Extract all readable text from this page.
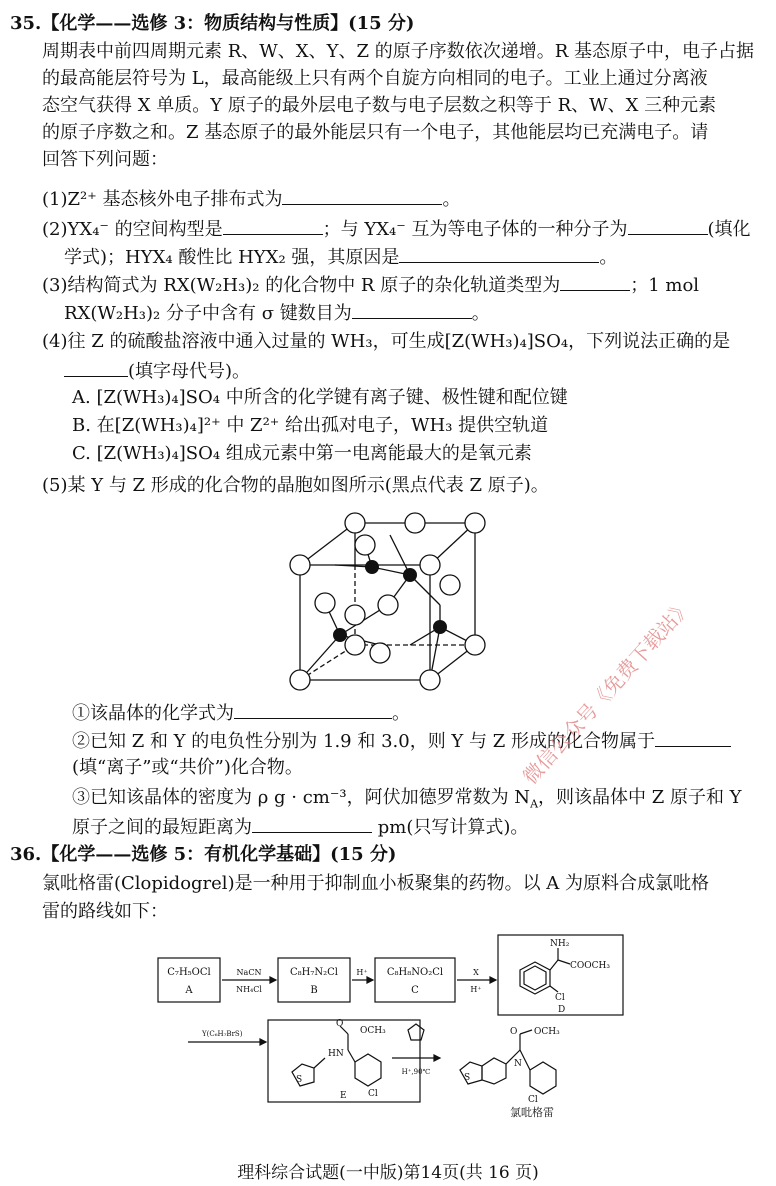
35.【化学——选修 3：物质结构与性质】(15 分)
周期表中前四周期元素 R、W、X、Y、Z 的原子序数依次递增。R 基态原子中，电子占据
的最高能层符号为 L，最高能级上只有两个自旋方向相同的电子。工业上通过分离液
态空气获得 X 单质。Y 原子的最外层电子数与电子层数之积等于 R、W、X 三种元素
的原子序数之和。Z 基态原子的最外能层只有一个电子，其他能层均已充满电子。请
回答下列问题：
(1)Z²⁺ 基态核外电子排布式为	。
(2)YX₄⁻ 的空间构型是	；与 YX₄⁻ 互为等电子体的一种分子为	(填化
学式)；HYX₄ 酸性比 HYX₂ 强，其原因是	。
(3)结构简式为 RX(W₂H₃)₂ 的化合物中 R 原子的杂化轨道类型为	；1 mol
RX(W₂H₃)₂ 分子中含有 σ 键数目为	。
(4)往 Z 的硫酸盐溶液中通入过量的 WH₃，可生成[Z(WH₃)₄]SO₄，下列说法正确的是
(填字母代号)。
A. [Z(WH₃)₄]SO₄ 中所含的化学键有离子键、极性键和配位键
B. 在[Z(WH₃)₄]²⁺ 中 Z²⁺ 给出孤对电子，WH₃ 提供空轨道
C. [Z(WH₃)₄]SO₄ 组成元素中第一电离能最大的是氧元素
(5)某 Y 与 Z 形成的化合物的晶胞如图所示(黑点代表 Z 原子)。
①该晶体的化学式为	。
②已知 Z 和 Y 的电负性分别为 1.9 和 3.0，则 Y 与 Z 形成的化合物属于
(填“离子”或“共价”)化合物。
③已知该晶体的密度为 ρ g · cm⁻³，阿伏加德罗常数为 $N_A$，则该晶体中 Z 原子和 Y
原子之间的最短距离为	pm(只写计算式)。
36.【化学——选修 5：有机化学基础】(15 分)
氯吡格雷(Clopidogrel)是一种用于抑制血小板聚集的药物。以 A 为原料合成氯吡格
雷的路线如下：
C₇H₅OCl
A
NaCN
NH₄Cl
C₈H₇N₂Cl
B
H⁺ C₈H₈NO₂Cl
C
X
H⁺
NH₂
COOCH₃
Cl
D
Y(C₆H₇BrS)	OCH₃
O
HN
S
Cl
E
H⁺,90℃
O OCH₃
N
S
Cl
氯吡格雷
微信公众号《免费下载站》
理科综合试题(一中版)第14页(共 16 页)
